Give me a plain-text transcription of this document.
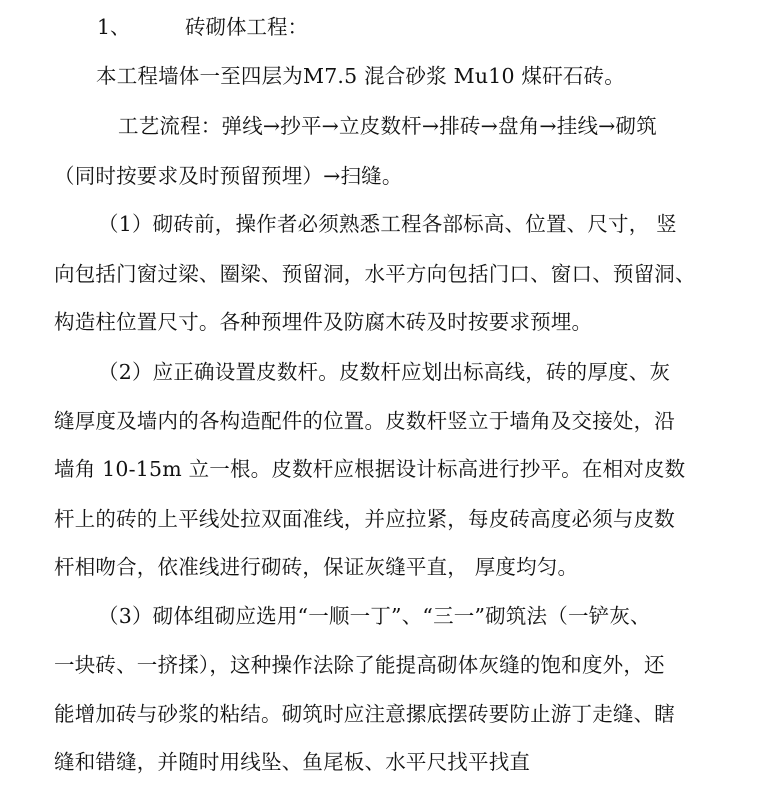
1、	砖砌体工程：
本工程墙体一至四层为M7.5 混合砂浆 Mu10 煤矸石砖。
工艺流程：弹线→抄平→立皮数杆→排砖→盘角→挂线→砌筑
（同时按要求及时预留预埋）→扫缝。
（1）砌砖前，操作者必须熟悉工程各部标高、位置、尺寸， 竖
向包括门窗过梁、圈梁、预留洞，水平方向包括门口、窗口、预留洞、
构造柱位置尺寸。各种预埋件及防腐木砖及时按要求预埋。
（2）应正确设置皮数杆。皮数杆应划出标高线，砖的厚度、灰
缝厚度及墙内的各构造配件的位置。皮数杆竖立于墙角及交接处，沿
墙角 10-15m 立一根。皮数杆应根据设计标高进行抄平。在相对皮数
杆上的砖的上平线处拉双面准线，并应拉紧，每皮砖高度必须与皮数
杆相吻合，依准线进行砌砖，保证灰缝平直， 厚度均匀。
（3）砌体组砌应选用“一顺一丁”、“三一”砌筑法（一铲灰、
一块砖、一挤揉），这种操作法除了能提高砌体灰缝的饱和度外，还
能增加砖与砂浆的粘结。砌筑时应注意摞底摆砖要防止游丁走缝、瞎
缝和错缝，并随时用线坠、鱼尾板、水平尺找平找直
